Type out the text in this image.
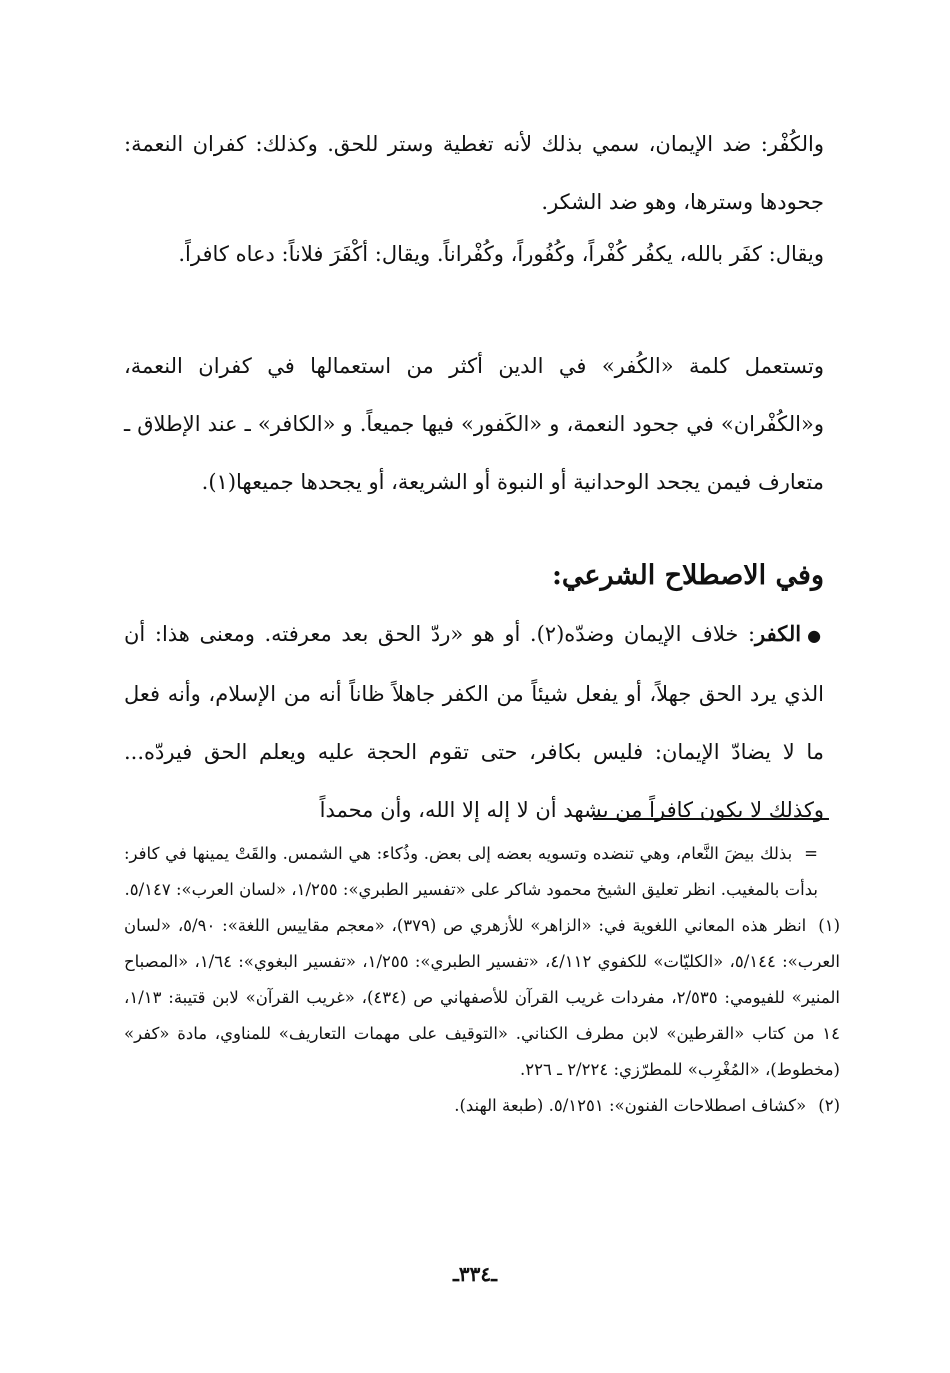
والكُفْر: ضد الإيمان، سمي بذلك لأنه تغطية وستر للحق. وكذلك: كفران النعمة: جحودها وسترها، وهو ضد الشكر.

ويقال: كفَر بالله، يكفُر كُفْراً، وكُفُوراً، وكُفْراناً. ويقال: أكْفَرَ فلاناً: دعاه كافراً.

وتستعمل كلمة «الكُفر» في الدين أكثر من استعمالها في كفران النعمة، و«الكُفْران» في جحود النعمة، و «الكَفور» فيها جميعاً. و «الكافر» ـ عند الإطلاق ـ متعارف فيمن يجحد الوحدانية أو النبوة أو الشريعة، أو يجحدها جميعها(١).

وفي الاصطلاح الشرعي:

●الكفر: خلاف الإيمان وضدّه(٢). أو هو «ردّ الحق بعد معرفته. ومعنى هذا: أن الذي يرد الحق جهلاً، أو يفعل شيئاً من الكفر جاهلاً ظاناً أنه من الإسلام، وأنه فعل ما لا يضادّ الإيمان: فليس بكافر، حتى تقوم الحجة عليه ويعلم الحق فيردّه... وكذلك لا يكون كافراً من يشهد أن لا إله إلا الله، وأن محمداً

=بذلك بيضَ النَّعام، وهي تنضده وتسويه بعضه إلى بعض. وذُكاء: هي الشمس. والقَتْ يمينها في كافر: بدأت بالمغيب. انظر تعليق الشيخ محمود شاكر على «تفسير الطبري»: ١/٢٥٥، «لسان العرب»: ٥/١٤٧.
(١)انظر هذه المعاني اللغوية في: «الزاهر» للأزهري ص (٣٧٩)، «معجم مقاييس اللغة»: ٥/٩٠، «لسان العرب»: ٥/١٤٤، «الكليّات» للكفوي ٤/١١٢، «تفسير الطبري»: ١/٢٥٥، «تفسير البغوي»: ١/٦٤، «المصباح المنير» للفيومي: ٢/٥٣٥، مفردات غريب القرآن للأصفهاني ص (٤٣٤)، «غريب القرآن» لابن قتيبة: ١/١٣، ١٤ من كتاب «القرطين» لابن مطرف الكناني. «التوقيف على مهمات التعاريف» للمناوي، مادة «كفر» (مخطوط)، «المُغْرِب» للمطرّزي: ٢/٢٢٤ ـ ٢٢٦.
(٢)«كشاف اصطلاحات الفنون»: ٥/١٢٥١. (طبعة الهند).
ـ٣٣٤ـ
